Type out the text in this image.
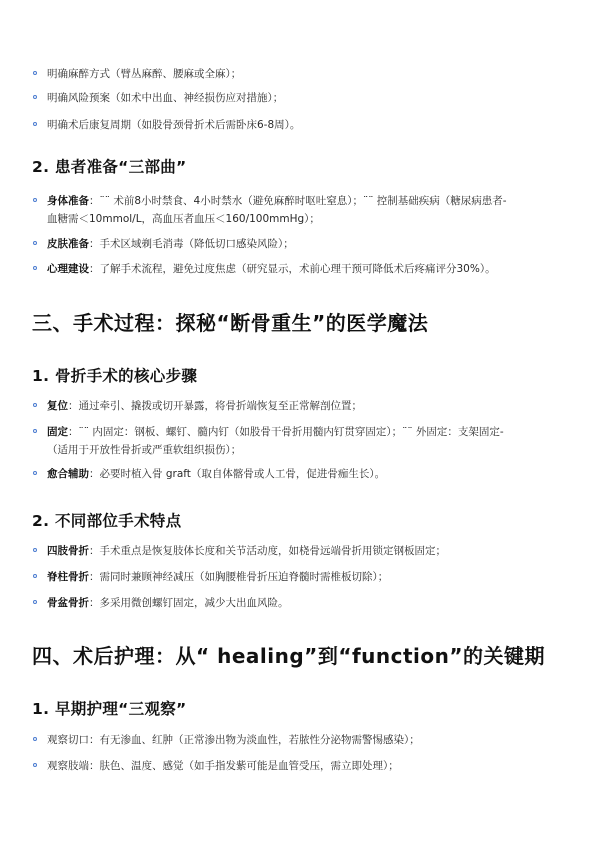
明确麻醉方式（臂丛麻醉、腰麻或全麻）；
明确风险预案（如术中出血、神经损伤应对措施）；
明确术后康复周期（如股骨颈骨折术后需卧床6-8周）。
2. 患者准备“三部曲”
身体准备：¨¨ 术前8小时禁食、4小时禁水（避免麻醉时呕吐窒息）；¨¨ 控制基础疾病（糖尿病患者-
血糖需＜10mmol/L，高血压者血压＜160/100mmHg）；
皮肤准备：手术区域剃毛消毒（降低切口感染风险）；
心理建设：了解手术流程，避免过度焦虑（研究显示，术前心理干预可降低术后疼痛评分30%）。
三、手术过程：探秘“断骨重生”的医学魔法
1. 骨折手术的核心步骤
复位：通过牵引、撬拨或切开暴露，将骨折端恢复至正常解剖位置；
固定：¨¨ 内固定：钢板、螺钉、髓内钉（如股骨干骨折用髓内钉贯穿固定）；¨¨ 外固定：支架固定-
（适用于开放性骨折或严重软组织损伤）；
愈合辅助：必要时植入骨 graft（取自体髂骨或人工骨，促进骨痂生长）。
2. 不同部位手术特点
四肢骨折：手术重点是恢复肢体长度和关节活动度，如桡骨远端骨折用锁定钢板固定；
脊柱骨折：需同时兼顾神经减压（如胸腰椎骨折压迫脊髓时需椎板切除）；
骨盆骨折：多采用微创螺钉固定，减少大出血风险。
四、术后护理：从“ healing”到“function”的关键期
1. 早期护理“三观察”
观察切口：有无渗血、红肿（正常渗出物为淡血性，若脓性分泌物需警惕感染）；
观察肢端：肤色、温度、感觉（如手指发紫可能是血管受压，需立即处理）；
